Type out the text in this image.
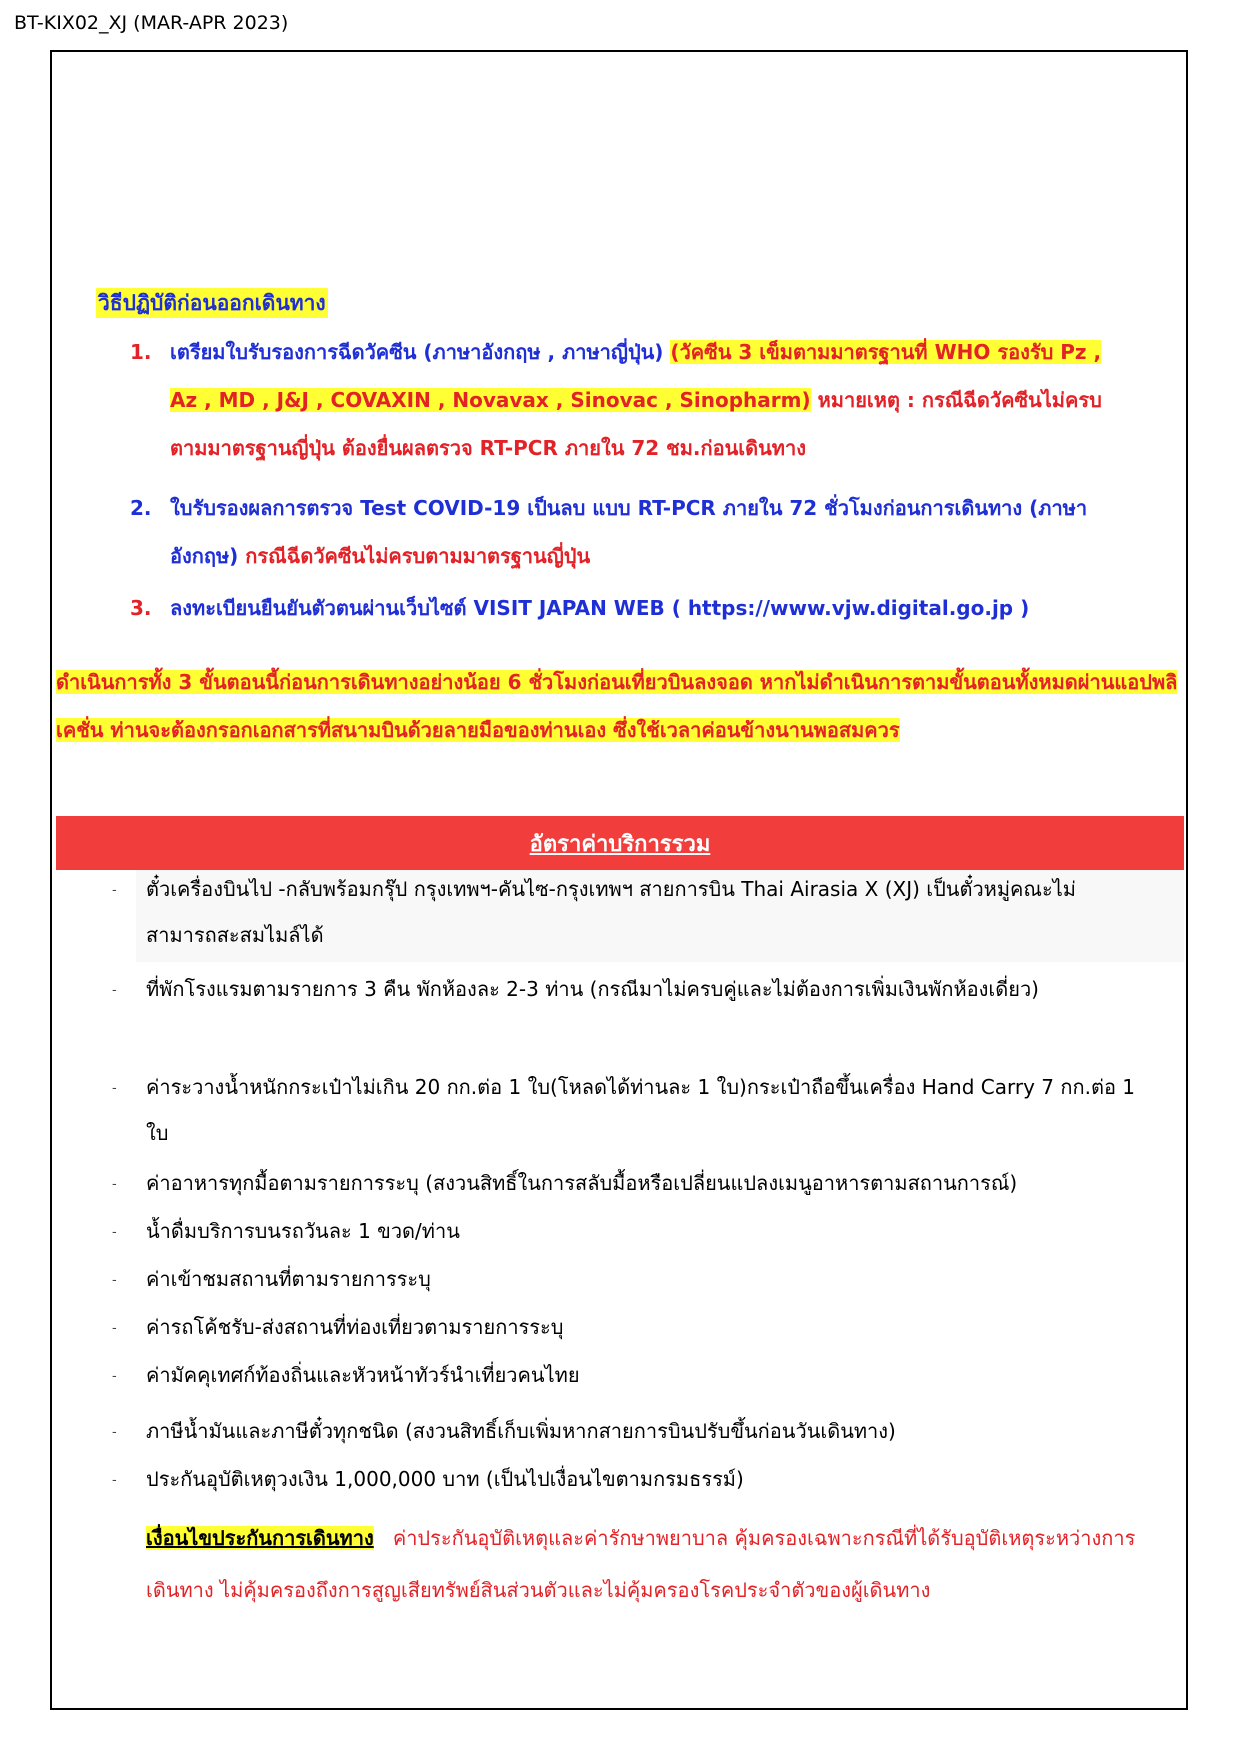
BT-KIX02_XJ (MAR-APR 2023)
วิธีปฏิบัติก่อนออกเดินทาง
1. เตรียมใบรับรองการฉีดวัคซีน (ภาษาอังกฤษ , ภาษาญี่ปุ่น) (วัคซีน 3 เข็มตามมาตรฐานที่ WHO รองรับ Pz , Az , MD , J&J , COVAXIN , Novavax , Sinovac , Sinopharm) หมายเหตุ : กรณีฉีดวัคซีนไม่ครบตามมาตรฐานญี่ปุ่น ต้องยื่นผลตรวจ RT-PCR ภายใน 72 ชม.ก่อนเดินทาง
2. ใบรับรองผลการตรวจ Test COVID-19 เป็นลบ แบบ RT-PCR ภายใน 72 ชั่วโมงก่อนการเดินทาง (ภาษาอังกฤษ) กรณีฉีดวัคซีนไม่ครบตามมาตรฐานญี่ปุ่น
3. ลงทะเบียนยืนยันตัวตนผ่านเว็บไซต์ VISIT JAPAN WEB ( https://www.vjw.digital.go.jp )
ดำเนินการทั้ง 3 ขั้นตอนนี้ก่อนการเดินทางอย่างน้อย 6 ชั่วโมงก่อนเที่ยวบินลงจอด หากไม่ดำเนินการตามขั้นตอนทั้งหมดผ่านแอปพลิเคชั่น ท่านจะต้องกรอกเอกสารที่สนามบินด้วยลายมือของท่านเอง ซึ่งใช้เวลาค่อนข้างนานพอสมควร
อัตราค่าบริการรวม
- ตั๋วเครื่องบินไป -กลับพร้อมกรุ๊ป กรุงเทพฯ-คันไซ-กรุงเทพฯ สายการบิน Thai Airasia X (XJ) เป็นตั๋วหมู่คณะไม่สามารถสะสมไมล์ได้
- ที่พักโรงแรมตามรายการ 3 คืน พักห้องละ 2-3 ท่าน (กรณีมาไม่ครบคู่และไม่ต้องการเพิ่มเงินพักห้องเดี่ยว)
- ค่าระวางน้ำหนักกระเป๋าไม่เกิน 20 กก.ต่อ 1 ใบ(โหลดได้ท่านละ 1 ใบ)กระเป๋าถือขึ้นเครื่อง Hand Carry 7 กก.ต่อ 1 ใบ
- ค่าอาหารทุกมื้อตามรายการระบุ (สงวนสิทธิ์ในการสลับมื้อหรือเปลี่ยนแปลงเมนูอาหารตามสถานการณ์)
- น้ำดื่มบริการบนรถวันละ 1 ขวด/ท่าน
- ค่าเข้าชมสถานที่ตามรายการระบุ
- ค่ารถโค้ชรับ-ส่งสถานที่ท่องเที่ยวตามรายการระบุ
- ค่ามัคคุเทศก์ท้องถิ่นและหัวหน้าทัวร์นำเที่ยวคนไทย
- ภาษีน้ำมันและภาษีตั๋วทุกชนิด (สงวนสิทธิ์เก็บเพิ่มหากสายการบินปรับขึ้นก่อนวันเดินทาง)
- ประกันอุบัติเหตุวงเงิน 1,000,000 บาท (เป็นไปเงื่อนไขตามกรมธรรม์)
เงื่อนไขประกันการเดินทาง ค่าประกันอุบัติเหตุและค่ารักษาพยาบาล คุ้มครองเฉพาะกรณีที่ได้รับอุบัติเหตุระหว่างการเดินทาง ไม่คุ้มครองถึงการสูญเสียทรัพย์สินส่วนตัวและไม่คุ้มครองโรคประจำตัวของผู้เดินทาง
